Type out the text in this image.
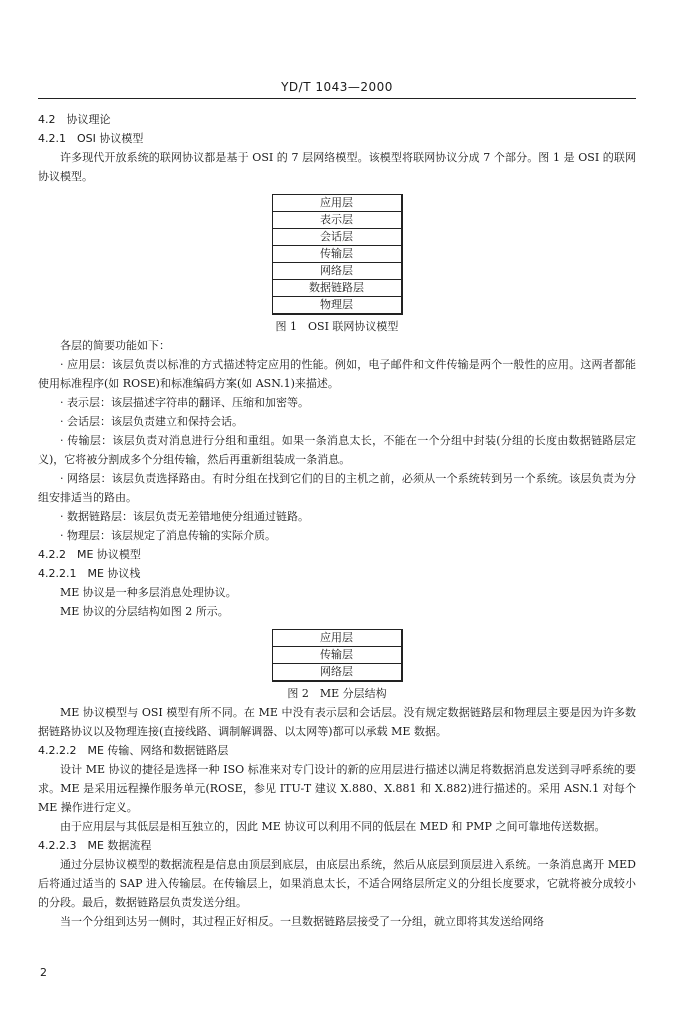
YD/T 1043—2000

4.2　协议理论

4.2.1　OSI 协议模型

许多现代开放系统的联网协议都是基于 OSI 的 7 层网络模型。该模型将联网协议分成 7 个部分。图 1 是 OSI 的联网协议模型。

应用层
表示层
会话层
传输层
网络层
数据链路层
物理层
图 1　OSI 联网协议模型

各层的简要功能如下：

· 应用层：该层负责以标准的方式描述特定应用的性能。例如，电子邮件和文件传输是两个一般性的应用。这两者都能使用标准程序(如 ROSE)和标准编码方案(如 ASN.1)来描述。

· 表示层：该层描述字符串的翻译、压缩和加密等。

· 会话层：该层负责建立和保持会话。

· 传输层：该层负责对消息进行分组和重组。如果一条消息太长，不能在一个分组中封装(分组的长度由数据链路层定义)，它将被分割成多个分组传输，然后再重新组装成一条消息。

· 网络层：该层负责选择路由。有时分组在找到它们的目的主机之前，必须从一个系统转到另一个系统。该层负责为分组安排适当的路由。

· 数据链路层：该层负责无差错地使分组通过链路。

· 物理层：该层规定了消息传输的实际介质。

4.2.2　ME 协议模型

4.2.2.1　ME 协议栈

ME 协议是一种多层消息处理协议。

ME 协议的分层结构如图 2 所示。

应用层
传输层
网络层
图 2　ME 分层结构

ME 协议模型与 OSI 模型有所不同。在 ME 中没有表示层和会话层。没有规定数据链路层和物理层主要是因为许多数据链路协议以及物理连接(直接线路、调制解调器、以太网等)都可以承载 ME 数据。

4.2.2.2　ME 传输、网络和数据链路层

设计 ME 协议的捷径是选择一种 ISO 标准来对专门设计的新的应用层进行描述以满足将数据消息发送到寻呼系统的要求。ME 是采用远程操作服务单元(ROSE，参见 ITU-T 建议 X.880、X.881 和 X.882)进行描述的。采用 ASN.1 对每个 ME 操作进行定义。

由于应用层与其低层是相互独立的，因此 ME 协议可以利用不同的低层在 MED 和 PMP 之间可靠地传送数据。

4.2.2.3　ME 数据流程

通过分层协议模型的数据流程是信息由顶层到底层，由底层出系统，然后从底层到顶层进入系统。一条消息离开 MED 后将通过适当的 SAP 进入传输层。在传输层上，如果消息太长，不适合网络层所定义的分组长度要求，它就将被分成较小的分段。最后，数据链路层负责发送分组。

当一个分组到达另一侧时，其过程正好相反。一旦数据链路层接受了一分组，就立即将其发送给网络

2
